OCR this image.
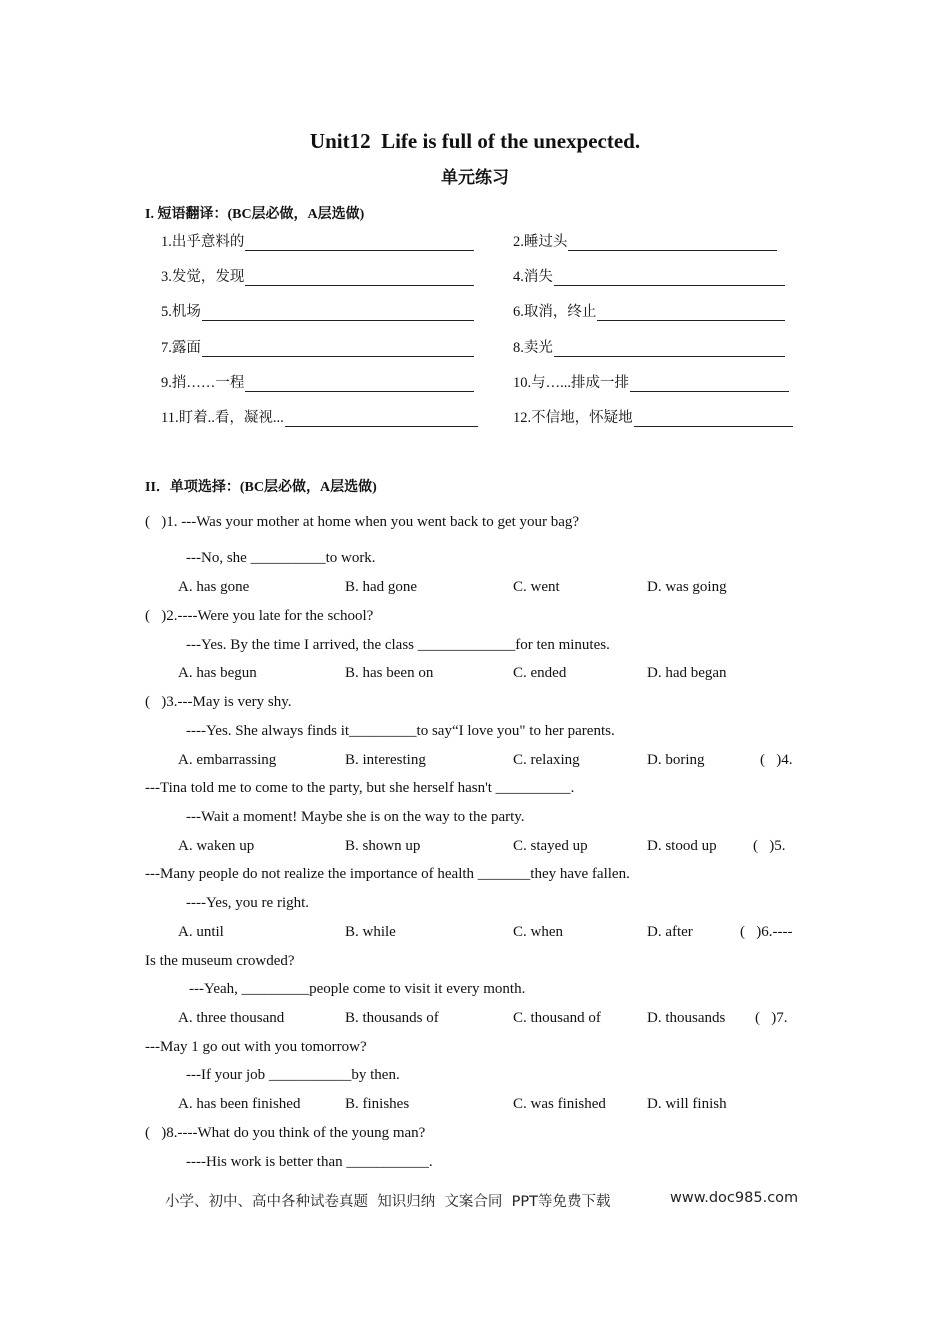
Unit12  Life is full of the unexpected.
单元练习
I. 短语翻译：(BC层必做，A层选做)
1.出乎意料的	2.睡过头
3.发觉，发现	4.消失
5.机场	6.取消，终止
7.露面	8.卖光
9.捎……一程	10.与…...排成一排
11.盯着..看，凝视...	12.不信地，怀疑地
II．单项选择：(BC层必做，A层选做)
(   )1. ---Was your mother at home when you went back to get your bag?
---No, she __________to work.
A. has gone	B. had gone	C. went	D. was going
(   )2.----Were you late for the school?
---Yes. By the time I arrived, the class _____________for ten minutes.
A. has begun	B. has been on	C. ended	D. had began
(   )3.---May is very shy.
----Yes. She always finds it_________to say“I love you" to her parents.
A. embarrassing	B. interesting	C. relaxing	D. boring	(   )4.
---Tina told me to come to the party, but she herself hasn't __________.
---Wait a moment! Maybe she is on the way to the party.
A. waken up	B. shown up	C. stayed up	D. stood up (   )5.
---Many people do not realize the importance of health _______they have fallen.
----Yes, you re right.
A. until	B. while	C. when	D. after	(   )6.----
Is the museum crowded?
---Yeah, _________people come to visit it every month.
A. three thousand	B. thousands of	C. thousand of	D. thousands (   )7.
---May 1 go out with you tomorrow?
---If your job ___________by then.
A. has been finished	B. finishes	C. was finished	D. will finish
(   )8.----What do you think of the young man?
----His work is better than ___________.
小学、初中、高中各种试卷真题  知识归纳  文案合同  PPT等免费下载	www.doc985.com
